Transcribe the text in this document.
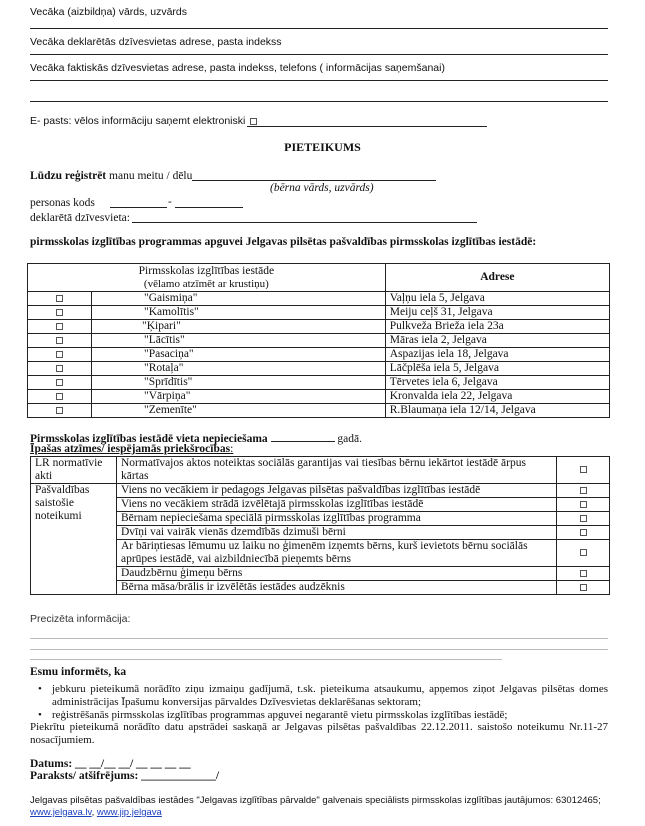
Vecāka (aizbildņa) vārds, uzvārds
Vecāka deklarētās dzīvesvietas adrese, pasta indekss
Vecāka faktiskās dzīvesvietas adrese, pasta indekss, telefons ( informācijas saņemšanai)
E- pasts: vēlos informāciju saņemt elektroniski
PIETEIKUMS
Lūdzu reģistrēt manu meitu / dēlu
(bērna vārds, uzvārds)
personas kods	-
deklarētā dzīvesvieta:
pirmsskolas izglītības programmas apguvei Jelgavas pilsētas pašvaldības pirmsskolas izglītības iestādē:
Pirmsskolas izglītības iestāde
(vēlamo atzīmēt ar krustiņu)		Adrese
	"Gaismiņa"	Vaļņu iela 5, Jelgava
	"Kamolītis"	Meiju ceļš 31, Jelgava
	"Ķipari"	Pulkveža Brieža iela 23a
	"Lācītis"	Māras iela 2, Jelgava
	"Pasaciņa"	Aspazijas iela 18, Jelgava
	"Rotaļa"	Lāčplēša iela 5, Jelgava
	"Sprīdītis"	Tērvetes iela 6, Jelgava
	"Vārpiņa"	Kronvalda iela 22, Jelgava
	"Zemenīte"	R.Blaumaņa iela 12/14, Jelgava
Pirmsskolas izglītības iestādē vieta nepieciešama	gadā.
Īpašas atzīmes/ iespējamās priekšrocības:
LR normatīvie akti	Normatīvajos aktos noteiktas sociālās garantijas vai tiesības bērnu iekārtot iestādē ārpus kārtas	
Pašvaldības saistošie noteikumi	Viens no vecākiem ir pedagogs Jelgavas pilsētas pašvaldības izglītības iestādē	
	Viens no vecākiem strādā izvēlētajā pirmsskolas izglītības iestādē	
	Bērnam nepieciešama speciālā pirmsskolas izglītības programma	
	Dvīņi vai vairāk vienās dzemdībās dzimuši bērni	
	Ar bāriņtiesas lēmumu uz laiku no ģimenēm izņemts bērns, kurš ievietots bērnu sociālās aprūpes iestādē, vai aizbildniecībā pieņemts bērns	
	Daudzbērnu ģimeņu bērns	
	Bērna māsa/brālis ir izvēlētās iestādes audzēknis	
Precizēta informācija:
Esmu informēts, ka
• jebkuru pieteikumā norādīto ziņu izmaiņu gadījumā, t.sk. pieteikuma atsaukumu, apņemos ziņot Jelgavas pilsētas domes administrācijas Īpašumu konversijas pārvaldes Dzīvesvietas deklarēšanas sektoram;
• reģistrēšanās pirmsskolas izglītības programmas apguvei negarantē vietu pirmsskolas izglītības iestādē;
Piekrītu pieteikumā norādīto datu apstrādei saskaņā ar Jelgavas pilsētas pašvaldības 22.12.2011. saistošo noteikumu Nr.11-27 nosacījumiem.
Datums: __ __/__ __/ __ __ __ __
Paraksts/ atšifrējums: _____________/
Jelgavas pilsētas pašvaldības iestādes "Jelgavas izglītības pārvalde" galvenais speciālists pirmsskolas izglītības jautājumos: 63012465;
www.jelgava.lv, www.jip.jelgava
